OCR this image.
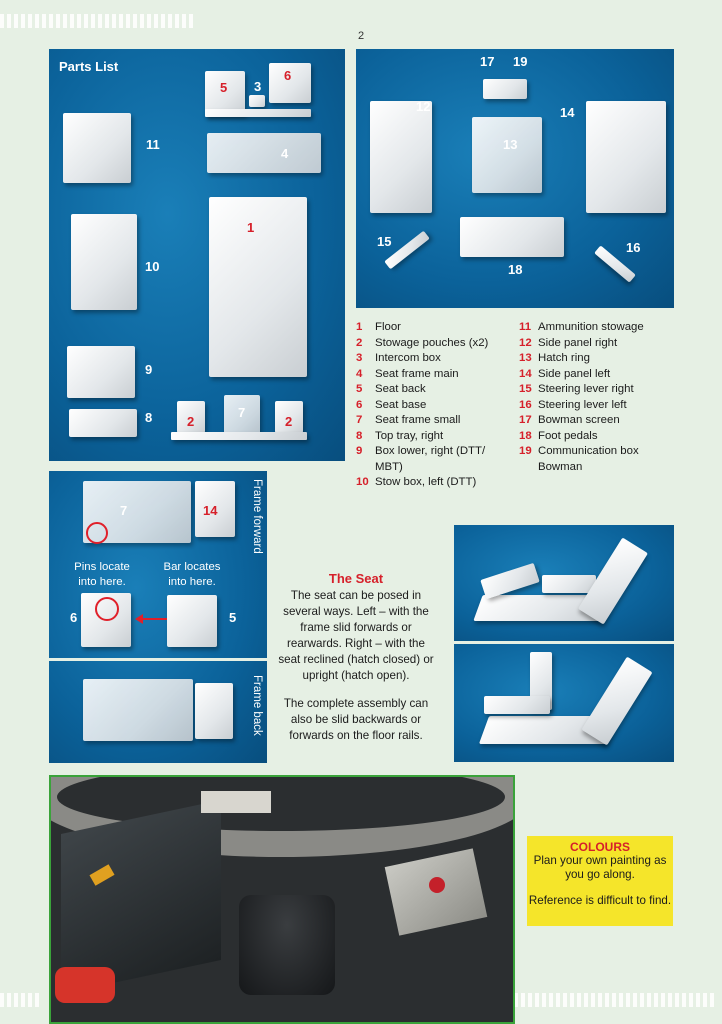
2
Parts List
1
2	2
3
4
5
6
7
8
9
10
11
12
13
14
15	16
17
18
19
1	Floor
2	Stowage pouches (x2)
3	Intercom box
4	Seat frame main
5	Seat back
6	Seat base
7	Seat frame small
8	Top tray, right
9	Box lower, right (DTT/ MBT)
10 Stow box, left (DTT)
11 Ammunition stowage
12 Side panel right
13 Hatch ring
14 Side panel left
15 Steering lever right
16 Steering lever left
17 Bowman screen
18 Foot pedals
19 Communication box Bowman
7	14
6	5
Pins locate into here.
Bar locates into here.
Frame forward
Frame back
The Seat

The seat can be posed in several ways. Left – with the frame slid forwards or rearwards. Right – with the seat reclined (hatch closed) or upright (hatch open).

The complete assembly can also be slid backwards or forwards on the floor rails.

COLOURS

Plan your own painting as you go along.

Reference is difficult to find.
